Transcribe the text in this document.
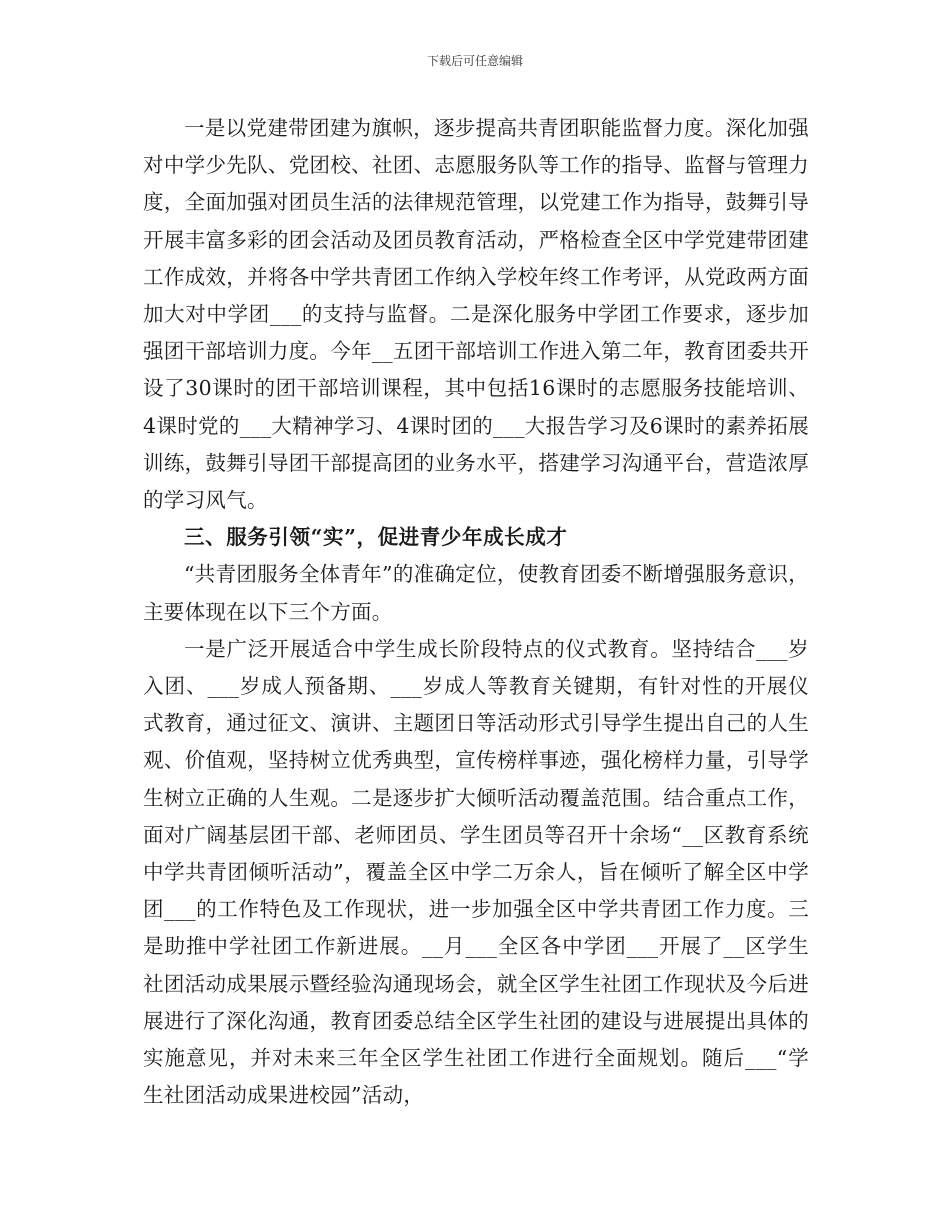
下载后可任意编辑

一是以党建带团建为旗帜，逐步提高共青团职能监督力度。深化加强对中学少先队、党团校、社团、志愿服务队等工作的指导、监督与管理力度，全面加强对团员生活的法律规范管理，以党建工作为指导，鼓舞引导开展丰富多彩的团会活动及团员教育活动，严格检查全区中学党建带团建工作成效，并将各中学共青团工作纳入学校年终工作考评，从党政两方面加大对中学团___的支持与监督。二是深化服务中学团工作要求，逐步加强团干部培训力度。今年__五团干部培训工作进入第二年，教育团委共开设了30课时的团干部培训课程，其中包括16课时的志愿服务技能培训、4课时党的___大精神学习、4课时团的___大报告学习及6课时的素养拓展训练，鼓舞引导团干部提高团的业务水平，搭建学习沟通平台，营造浓厚的学习风气。

三、服务引领“实”，促进青少年成长成才

“共青团服务全体青年”的准确定位，使教育团委不断增强服务意识，主要体现在以下三个方面。

一是广泛开展适合中学生成长阶段特点的仪式教育。坚持结合___岁入团、___岁成人预备期、___岁成人等教育关键期，有针对性的开展仪式教育，通过征文、演讲、主题团日等活动形式引导学生提出自己的人生观、价值观，坚持树立优秀典型，宣传榜样事迹，强化榜样力量，引导学生树立正确的人生观。二是逐步扩大倾听活动覆盖范围。结合重点工作，面对广阔基层团干部、老师团员、学生团员等召开十余场“__区教育系统中学共青团倾听活动”，覆盖全区中学二万余人，旨在倾听了解全区中学团___的工作特色及工作现状，进一步加强全区中学共青团工作力度。三是助推中学社团工作新进展。__月___全区各中学团___开展了__区学生社团活动成果展示暨经验沟通现场会，就全区学生社团工作现状及今后进展进行了深化沟通，教育团委总结全区学生社团的建设与进展提出具体的实施意见，并对未来三年全区学生社团工作进行全面规划。随后___“学生社团活动成果进校园”活动，
